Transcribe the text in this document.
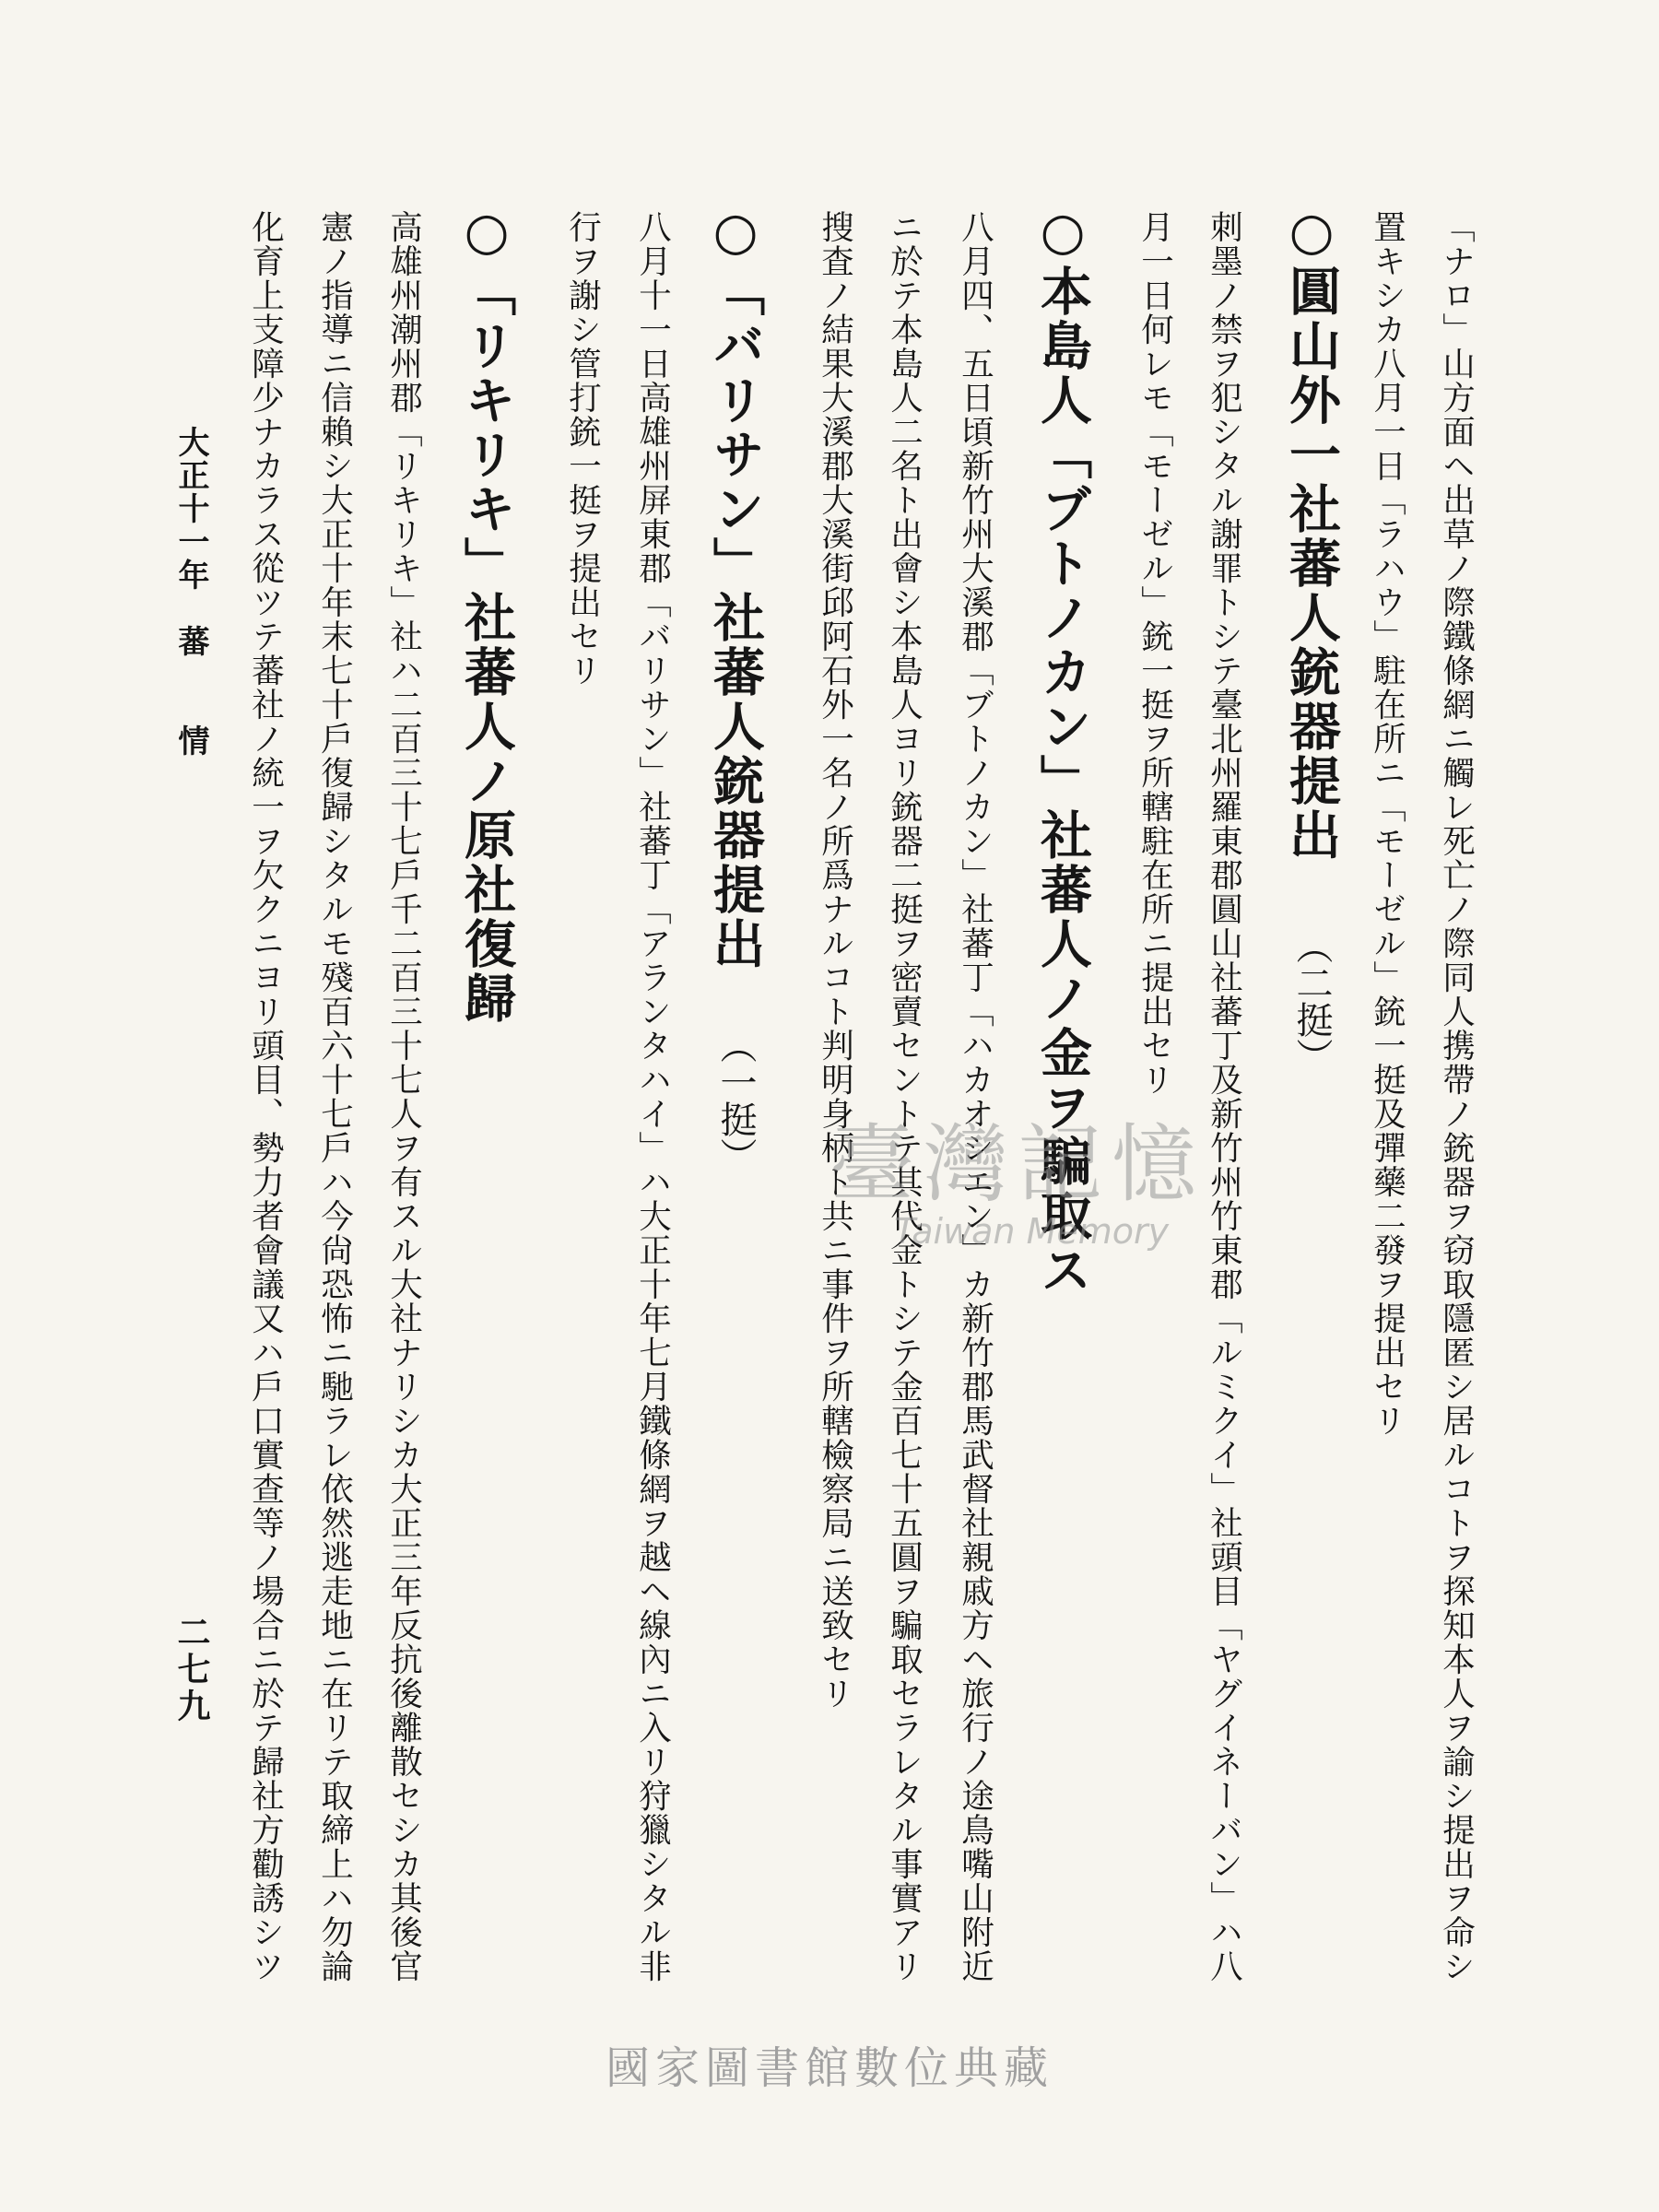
「ナロ」山方面ヘ出草ノ際鐵條網ニ觸レ死亡ノ際同人携帶ノ銃器ヲ窃取隱匿シ居ルコトヲ探知本人ヲ諭シ提出ヲ命シ
置キシカ八月一日「ラハウ」駐在所ニ「モーゼル」銃一挺及彈藥二發ヲ提出セリ
○圓山外一社蕃人銃器提出（二挺）
刺墨ノ禁ヲ犯シタル謝罪トシテ臺北州羅東郡圓山社蕃丁及新竹州竹東郡「ルミクイ」社頭目「ヤグイネーバン」ハ八
月一日何レモ「モーゼル」銃一挺ヲ所轄駐在所ニ提出セリ
○本島人「ブトノカン」社蕃人ノ金ヲ騙取ス
八月四、五日頃新竹州大溪郡「ブトノカン」社蕃丁「ハカオシエン」カ新竹郡馬武督社親戚方ヘ旅行ノ途鳥嘴山附近
ニ於テ本島人二名ト出會シ本島人ヨリ銃器二挺ヲ密賣セントテ其代金トシテ金百七十五圓ヲ騙取セラレタル事實アリ
搜査ノ結果大溪郡大溪街邱阿石外一名ノ所爲ナルコト判明身柄ト共ニ事件ヲ所轄檢察局ニ送致セリ
○「バリサン」社蕃人銃器提出（一挺）
八月十一日高雄州屏東郡「バリサン」社蕃丁「アランタハイ」ハ大正十年七月鐵條網ヲ越ヘ線內ニ入リ狩獵シタル非
行ヲ謝シ管打銃一挺ヲ提出セリ
○「リキリキ」社蕃人ノ原社復歸
高雄州潮州郡「リキリキ」社ハ二百三十七戶千二百三十七人ヲ有スル大社ナリシカ大正三年反抗後離散セシカ其後官
憲ノ指導ニ信賴シ大正十年末七十戶復歸シタルモ殘百六十七戶ハ今尙恐怖ニ馳ラレ依然逃走地ニ在リテ取締上ハ勿論
化育上支障少ナカラス從ツテ蕃社ノ統一ヲ欠クニヨリ頭目、勢力者會議又ハ戶口實查等ノ場合ニ於テ歸社方勸誘シツ
大正十一年　蕃　　情
二七九
臺灣記憶
Taiwan Memory
國家圖書館數位典藏
